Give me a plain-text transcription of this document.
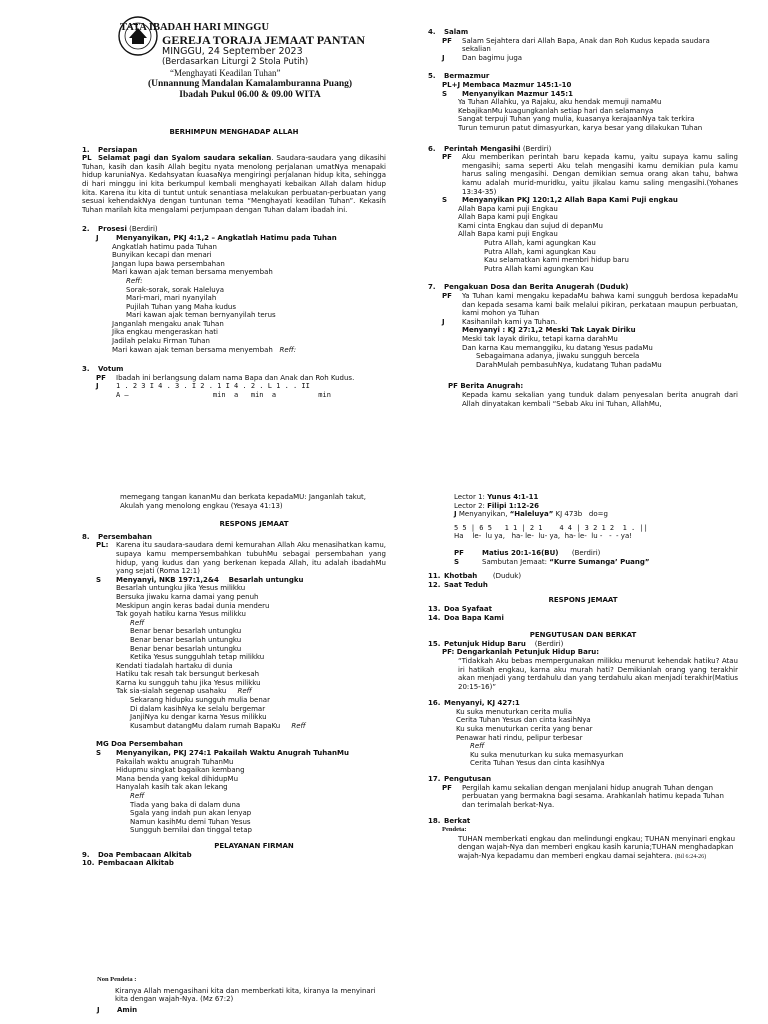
TATA IBADAH HARI MINGGU
GEREJA TORAJA JEMAAT PANTAN
MINGGU, 24 September 2023
(Berdasarkan Liturgi 2 Stola Putih)
“Menghayati Keadilan Tuhan”
(Unnannung Mandalan Kamalamburanna Puang)
Ibadah Pukul 06.00 & 09.00 WITA
BERHIMPUN MENGHADAP ALLAH
1. Persiapan
PL Selamat pagi dan Syalom saudara sekalian. Saudara-saudara yang dikasihi Tuhan, kasih dan kasih Allah begitu nyata menolong perjalanan umatNya menapaki hidup karuniaNya. Kedahsyatan kuasaNya mengiringi perjalanan hidup kita, sehingga di hari minggu ini kita berkumpul kembali menghayati kebaikan Allah dalam hidup kita. Karena itu kita di tuntut untuk senantiasa melakukan perbuatan-perbuatan yang sesuai kehendakNya dengan tuntunan tema “Menghayati keadilan Tuhan”. Kekasih Tuhan marilah kita mengalami perjumpaan dengan Tuhan dalam ibadah ini.
2. Prosesi (Berdiri)
J Menyanyikan, PKJ 4:1,2 – Angkatlah Hatimu pada Tuhan
Angkatlah hatimu pada Tuhan
Bunyikan kecapi dan menari
Jangan lupa bawa persembahan
Mari kawan ajak teman bersama menyembah
Reff:
Sorak-sorak, sorak Haleluya
Mari-mari, mari nyanyilah
Pujilah Tuhan yang Maha kudus
Mari kawan ajak teman bernyanyilah terus
Janganlah mengaku anak Tuhan
Jika engkau mengeraskan hati
Jadilah pelaku Firman Tuhan
Mari kawan ajak teman bersama menyembah Reff:
3. Votum
PF Ibadah ini berlangsung dalam nama Bapa dan Anak dan Roh Kudus.
J 1 . 2 3 I 4 . 3 . I 2 . 1 I 4 . 2 . L 1 . . II
A –                    min  a   min  a          min
4. Salam
PF	Salam Sejahtera dari Allah Bapa, Anak dan Roh Kudus kepada saudara sekalian
J Dan bagimu juga
5. Bermazmur
PL+J Membaca Mazmur 145:1-10
S Menyanyikan Mazmur 145:1
Ya Tuhan Allahku, ya Rajaku, aku hendak memuji namaMu
KebajikanMu kuagungkanlah setiap hari dan selamanya
Sangat terpuji Tuhan yang mulia, kuasanya kerajaanNya tak terkira
Turun temurun patut dimasyurkan, karya besar yang dilakukan Tuhan
6. Perintah Mengasihi (Berdiri)
PF	Aku memberikan perintah baru kepada kamu, yaitu supaya kamu saling mengasihi; sama seperti Aku telah mengasihi kamu demikian pula kamu harus saling mengasihi. Dengan demikian semua orang akan tahu, bahwa kamu adalah murid-muridku, yaitu jikalau kamu saling mengasihi.(Yohanes 13:34-35)
S Menyanyikan PKJ 120:1,2 Allah Bapa Kami Puji engkau
Allah Bapa kami puji Engkau
Allah Bapa kami puji Engkau
Kami cinta Engkau dan sujud di depanMu
Allah Bapa kami puji Engkau
Putra Allah, kami agungkan Kau
Putra Allah, kami agungkan Kau
Kau selamatkan kami membri hidup baru
Putra Allah kami agungkan Kau
7. Pengakuan Dosa dan Berita Anugerah (Duduk)
PF	Ya Tuhan kami mengaku kepadaMu bahwa kami sungguh berdosa kepadaMu dan kepada sesama kami baik melalui pikiran, perkataan maupun perbuatan, kami mohon ya Tuhan
J Kasihanilah kami ya Tuhan.
Menyanyi : KJ 27:1,2 Meski Tak Layak Diriku
Meski tak layak diriku, tetapi karna darahMu
Dan karna Kau memanggiku, ku datang Yesus padaMu
Sebagaimana adanya, jiwaku sungguh bercela
DarahMulah pembasuhNya, kudatang Tuhan padaMu
PF Berita Anugrah:
Kepada kamu sekalian yang tunduk dalam penyesalan berita anugrah dari Allah dinyatakan kembali “Sebab Aku ini Tuhan, AllahMu,
memegang tangan kananMu dan berkata kepadaMU: Janganlah takut, Akulah yang menolong engkau (Yesaya 41:13)
RESPONS JEMAAT
8. Persembahan
PL:	Karena itu saudara-saudara demi kemurahan Allah Aku menasihatkan kamu, supaya kamu mempersembahkan tubuhMu sebagai persembahan yang hidup, yang kudus dan yang berkenan kepada Allah, itu adalah ibadahMu yang sejati (Roma 12:1)
S Menyanyi, NKB 197:1,2&4    Besarlah untungku
Besarlah untungku jika Yesus milikku
Bersuka jiwaku karna damai yang penuh
Meskipun angin keras badai dunia menderu
Tak goyah hatiku karna Yesus milikku
Reff
Benar benar besarlah untungku
Benar benar besarlah untungku
Benar benar besarlah untungku
Ketika Yesus sungguhlah tetap milikku
Kendati tiadalah hartaku di dunia
Hatiku tak resah tak bersungut berkesah
Karna ku sungguh tahu jika Yesus milikku
Tak sia-sialah segenap usahaku Reff
Sekarang hidupku sungguh mulia benar
Di dalam kasihNya ke selalu bergemar
JanjiNya ku dengar karna Yesus milikku
Kusambut datangMu dalam rumah BapaKu Reff
MG Doa Persembahan
S Menyanyikan, PKJ 274:1 Pakailah Waktu Anugrah TuhanMu
Pakailah waktu anugrah TuhanMu
Hidupmu singkat bagaikan kembang
Mana benda yang kekal dihidupMu
Hanyalah kasih tak akan lekang
Reff
Tiada yang baka di dalam duna
Sgala yang indah pun akan lenyap
Namun kasihMu demi Tuhan Yesus
Sungguh bernilai dan tinggal tetap
PELAYANAN FIRMAN
9. Doa Pembacaan Alkitab
10. Pembacaan Alkitab
Non Pendeta :
Kiranya Allah mengasihani kita dan memberkati kita, kiranya Ia menyinari kita dengan wajah-Nya. (Mz 67:2)
J Amin
Lector 1: Yunus 4:1-11
Lector 2: Filipi 1:12-26
J Menyanyikan, “Haleluya” KJ 473b   do=g
5 5 | 6 5   1 1 | 2 1    4 4 | 3 2 1 2  1 . ||
Ha    le-  lu ya,   ha- le-  lu- ya,  ha- le-  lu -   -  - ya!
PF	Matius 20:1-16(BU) (Berdiri)
S	Sambutan Jemaat: “Kurre Sumanga’ Puang”
11. Khotbah (Duduk)
12. Saat Teduh
RESPONS JEMAAT
13. Doa Syafaat
14. Doa Bapa Kami
PENGUTUSAN DAN BERKAT
15. Petunjuk Hidup Baru (Berdiri)
PF: Dengarkanlah Petunjuk Hidup Baru:
“Tidakkah Aku bebas mempergunakan milikku menurut kehendak hatiku? Atau iri hatikah engkau, karna aku murah hati? Demikianlah orang yang terakhir akan menjadi yang terdahulu dan yang terdahulu akan menjadi terakhir(Matius 20:15-16)”
16. Menyanyi, KJ 427:1
Ku suka menuturkan cerita mulia
Cerita Tuhan Yesus dan cinta kasihNya
Ku suka menuturkan cerita yang benar
Penawar hati rindu, pelipur terbesar
Reff
Ku suka menuturkan ku suka memasyurkan
Cerita Tuhan Yesus dan cinta kasihNya
17. Pengutusan
PF	Pergilah kamu sekalian dengan menjalani hidup anugrah Tuhan dengan perbuatan yang bermakna bagi sesama. Arahkanlah hatimu kepada Tuhan dan terimalah berkat-Nya.
18. Berkat
Pendeta:
TUHAN memberkati engkau dan melindungi engkau; TUHAN menyinari engkau dengan wajah-Nya dan memberi engkau kasih karunia;TUHAN menghadapkan wajah-Nya kepadamu dan memberi engkau damai sejahtera. (Bil 6:24-26)
